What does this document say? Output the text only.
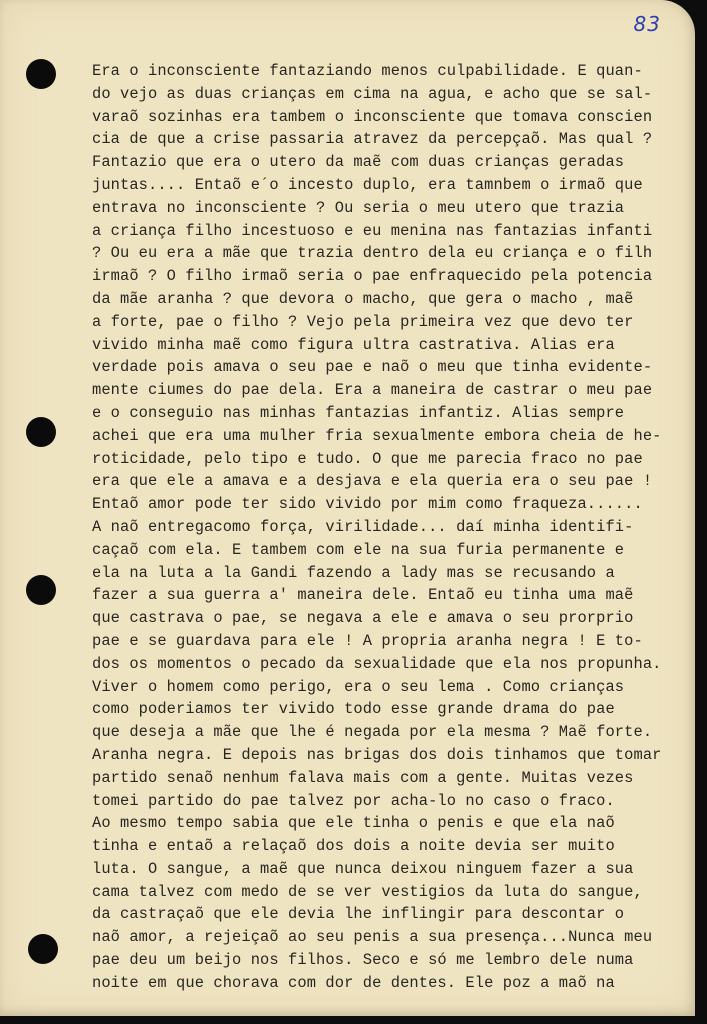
83
Era o inconsciente fantaziando menos culpabilidade. E quan-
do vejo as duas crianças em cima na agua, e acho que se sal-
varaõ sozinhas era tambem o inconsciente que tomava conscien
cia de que a crise passaria atravez da percepçaõ. Mas qual ?
Fantazio que era o utero da maẽ com duas crianças geradas
juntas.... Entaõ e´o incesto duplo, era tamnbem o irmaõ que
entrava no inconsciente ? Ou seria o meu utero que trazia
a criança filho incestuoso e eu menina nas fantazias infanti
? Ou eu era a mãe que trazia dentro dela eu criança e o filh
irmaõ ? O filho irmaõ seria o pae enfraquecido pela potencia
da mãe aranha ? que devora o macho, que gera o macho , maẽ
a forte, pae o filho ? Vejo pela primeira vez que devo ter
vivido minha maẽ como figura ultra castrativa. Alias era
verdade pois amava o seu pae e naõ o meu que tinha evidente-
mente ciumes do pae dela. Era a maneira de castrar o meu pae
e o conseguio nas minhas fantazias infantiz. Alias sempre
achei que era uma mulher fria sexualmente embora cheia de he-
roticidade, pelo tipo e tudo. O que me parecia fraco no pae
era que ele a amava e a desjava e ela queria era o seu pae !
Entaõ amor pode ter sido vivido por mim como fraqueza......
A naõ entregacomo força, virilidade... daí minha identifi-
caçaõ com ela. E tambem com ele na sua furia permanente e
ela na luta a la Gandi fazendo a lady mas se recusando a
fazer a sua guerra a' maneira dele. Entaõ eu tinha uma maẽ
que castrava o pae, se negava a ele e amava o seu prorprio
pae e se guardava para ele ! A propria aranha negra ! E to-
dos os momentos o pecado da sexualidade que ela nos propunha.
Viver o homem como perigo, era o seu lema . Como crianças
como poderiamos ter vivido todo esse grande drama do pae
que deseja a mãe que lhe é negada por ela mesma ? Maẽ forte.
Aranha negra. E depois nas brigas dos dois tinhamos que tomar
partido senaõ nenhum falava mais com a gente. Muitas vezes
tomei partido do pae talvez por acha-lo no caso o fraco.
Ao mesmo tempo sabia que ele tinha o penis e que ela naõ
tinha e entaõ a relaçaõ dos dois a noite devia ser muito
luta. O sangue, a maẽ que nunca deixou ninguem fazer a sua
cama talvez com medo de se ver vestigios da luta do sangue,
da castraçaõ que ele devia lhe inflingir para descontar o
naõ amor, a rejeiçaõ ao seu penis a sua presença...Nunca meu
pae deu um beijo nos filhos. Seco e só me lembro dele numa
noite em que chorava com dor de dentes. Ele poz a maõ na
